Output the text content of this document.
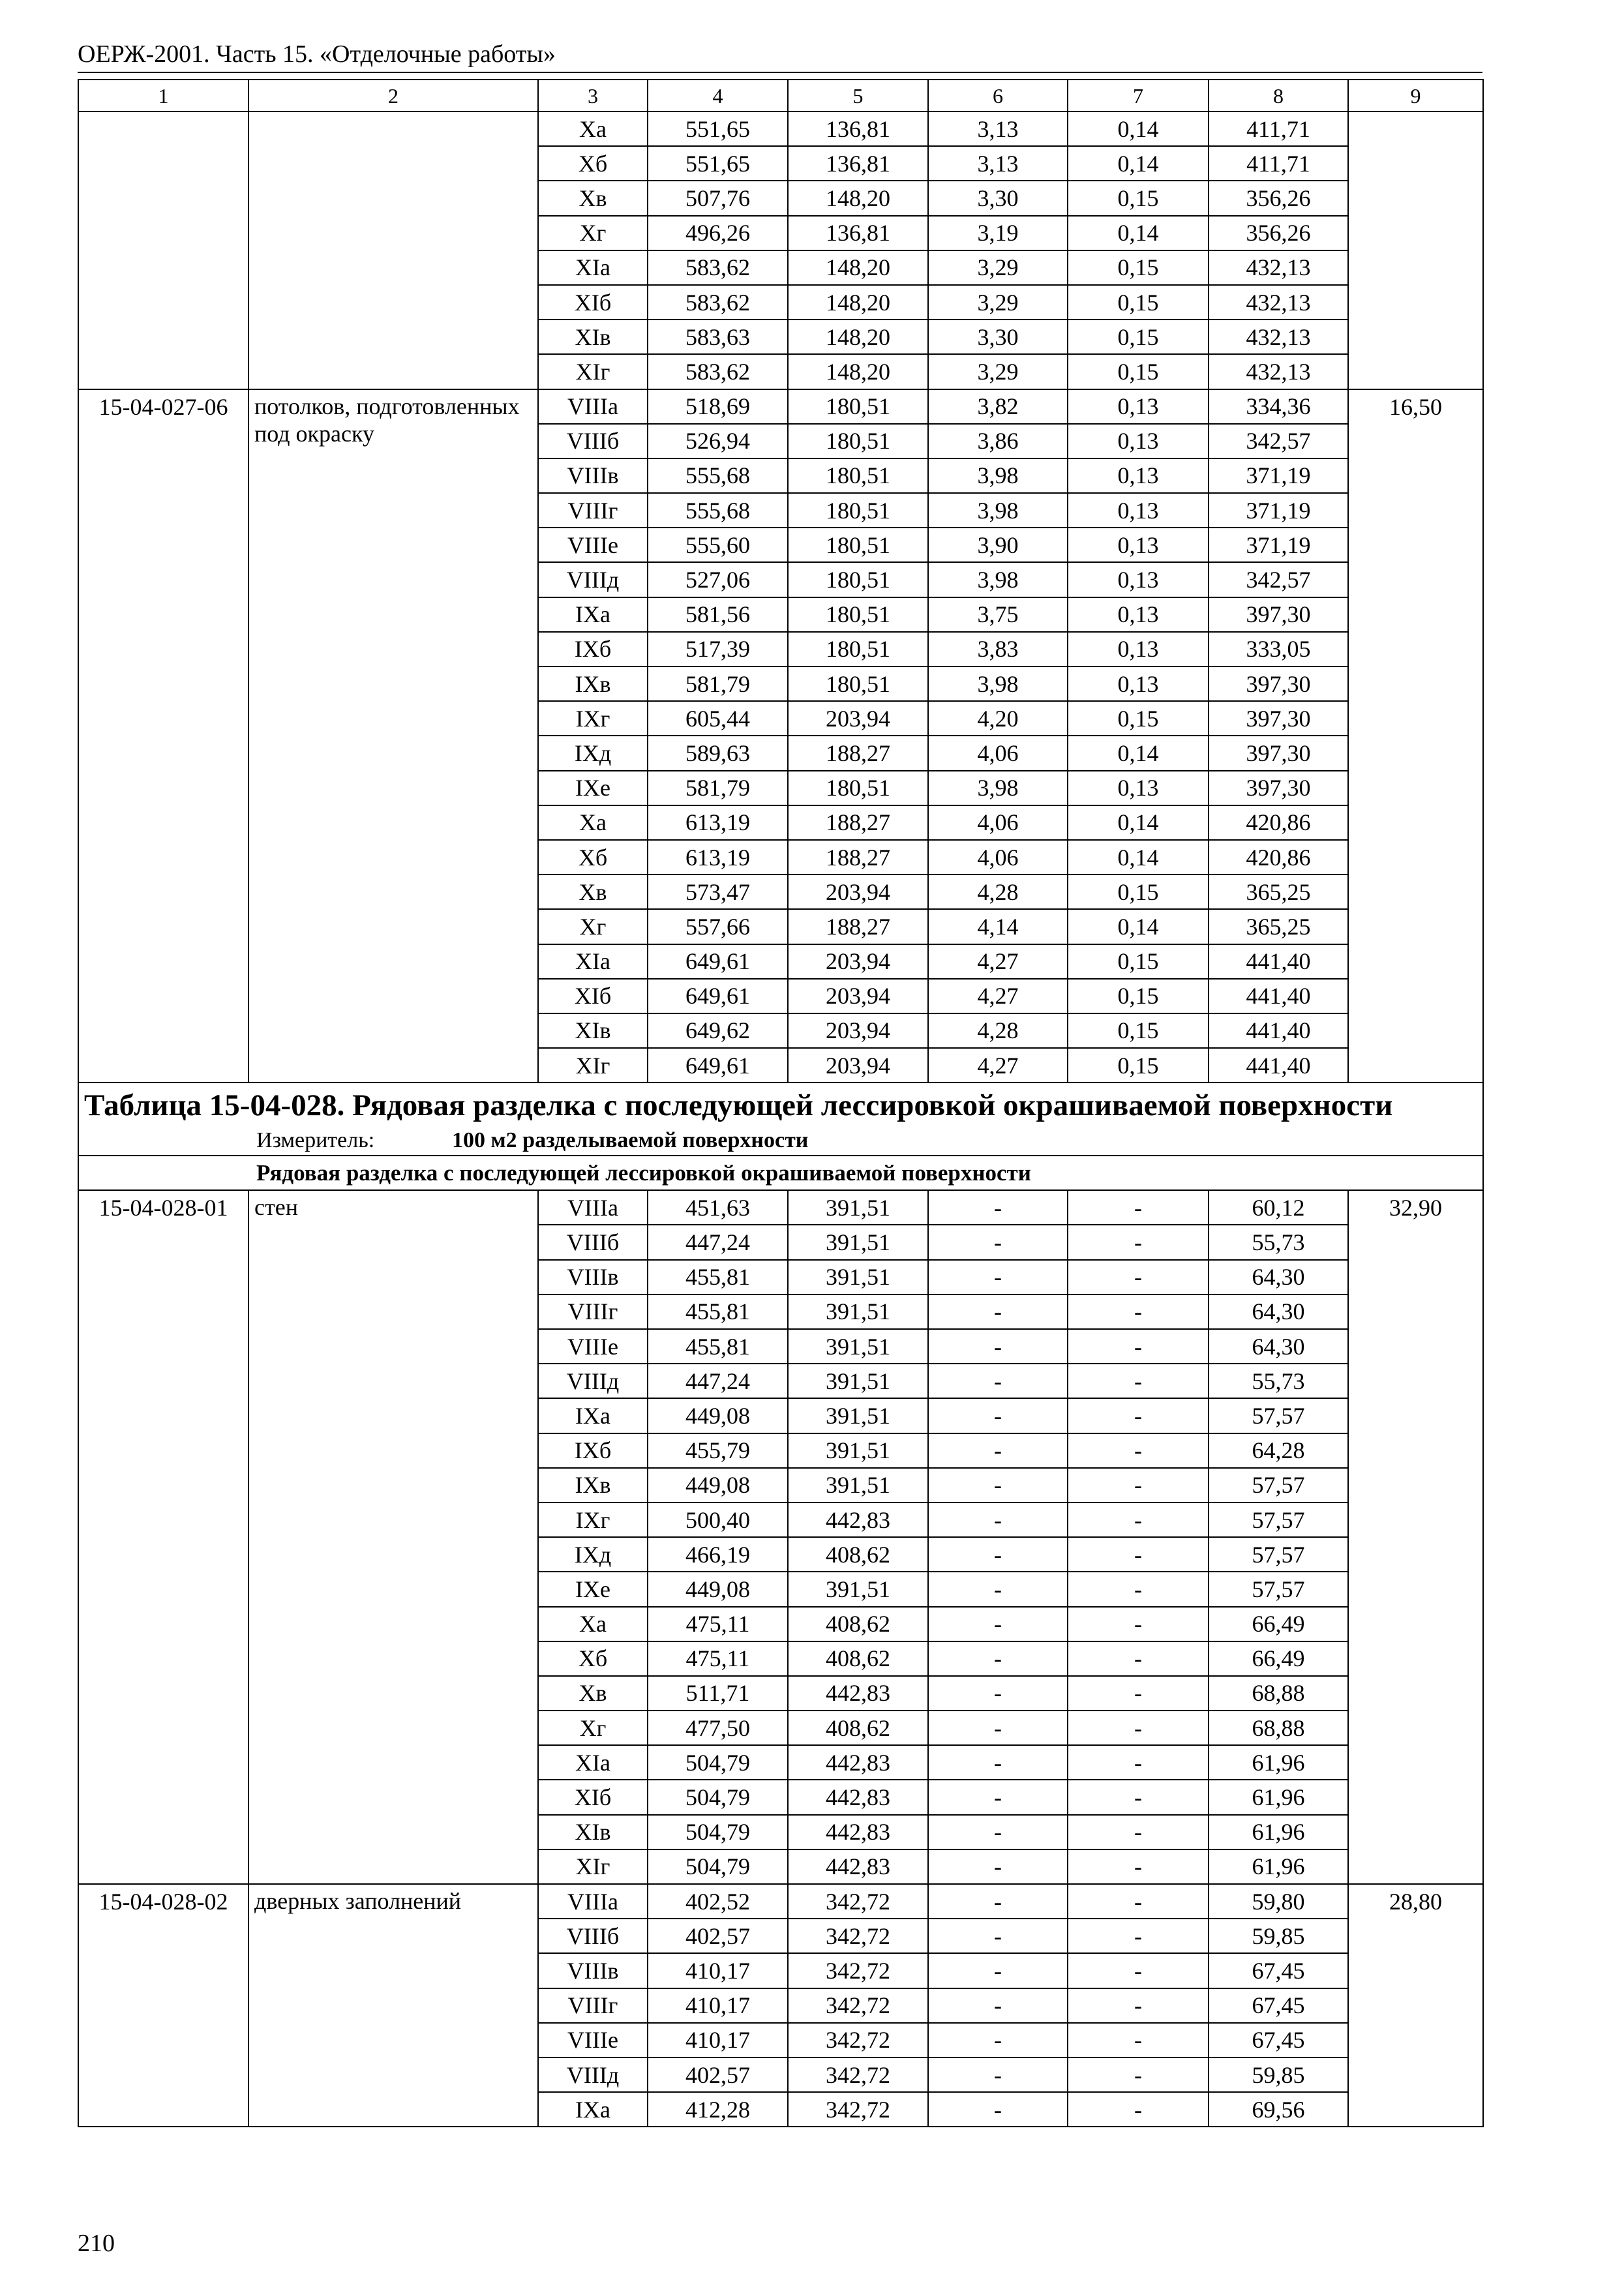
ОЕРЖ-2001. Часть 15. «Отделочные работы»
1	2	3	4	5	6	7	8	9
		Xa	551,65	136,81	3,13	0,14	411,71	
		Xб	551,65	136,81	3,13	0,14	411,71	
		Xв	507,76	148,20	3,30	0,15	356,26	
		Xг	496,26	136,81	3,19	0,14	356,26	
		XIa	583,62	148,20	3,29	0,15	432,13	
		XIб	583,62	148,20	3,29	0,15	432,13	
		XIв	583,63	148,20	3,30	0,15	432,13	
		XIг	583,62	148,20	3,29	0,15	432,13	
15-04-027-06	потолков, подготовленных под окраску	VIIIa	518,69	180,51	3,82	0,13	334,36	16,50
		VIIIб	526,94	180,51	3,86	0,13	342,57	
		VIIIв	555,68	180,51	3,98	0,13	371,19	
		VIIIг	555,68	180,51	3,98	0,13	371,19	
		VIIIe	555,60	180,51	3,90	0,13	371,19	
		VIIIд	527,06	180,51	3,98	0,13	342,57	
		IXa	581,56	180,51	3,75	0,13	397,30	
		IXб	517,39	180,51	3,83	0,13	333,05	
		IXв	581,79	180,51	3,98	0,13	397,30	
		IXг	605,44	203,94	4,20	0,15	397,30	
		IXд	589,63	188,27	4,06	0,14	397,30	
		IXe	581,79	180,51	3,98	0,13	397,30	
		Xa	613,19	188,27	4,06	0,14	420,86	
		Xб	613,19	188,27	4,06	0,14	420,86	
		Xв	573,47	203,94	4,28	0,15	365,25	
		Xг	557,66	188,27	4,14	0,14	365,25	
		XIa	649,61	203,94	4,27	0,15	441,40	
		XIб	649,61	203,94	4,27	0,15	441,40	
		XIв	649,62	203,94	4,28	0,15	441,40	
		XIг	649,61	203,94	4,27	0,15	441,40	

Таблица 15-04-028. Рядовая разделка с последующей лессировкой окрашиваемой поверхности
Измеритель: 100 м2 разделываемой поверхности								

Рядовая разделка с последующей лессировкой окрашиваемой поверхности								
15-04-028-01	стен	VIIIa	451,63	391,51	-	-	60,12	32,90
		VIIIб	447,24	391,51	-	-	55,73	
		VIIIв	455,81	391,51	-	-	64,30	
		VIIIг	455,81	391,51	-	-	64,30	
		VIIIe	455,81	391,51	-	-	64,30	
		VIIIд	447,24	391,51	-	-	55,73	
		IXa	449,08	391,51	-	-	57,57	
		IXб	455,79	391,51	-	-	64,28	
		IXв	449,08	391,51	-	-	57,57	
		IXг	500,40	442,83	-	-	57,57	
		IXд	466,19	408,62	-	-	57,57	
		IXe	449,08	391,51	-	-	57,57	
		Xa	475,11	408,62	-	-	66,49	
		Xб	475,11	408,62	-	-	66,49	
		Xв	511,71	442,83	-	-	68,88	
		Xг	477,50	408,62	-	-	68,88	
		XIa	504,79	442,83	-	-	61,96	
		XIб	504,79	442,83	-	-	61,96	
		XIв	504,79	442,83	-	-	61,96	
		XIг	504,79	442,83	-	-	61,96	
15-04-028-02	дверных заполнений	VIIIa	402,52	342,72	-	-	59,80	28,80
		VIIIб	402,57	342,72	-	-	59,85	
		VIIIв	410,17	342,72	-	-	67,45	
		VIIIг	410,17	342,72	-	-	67,45	
		VIIIe	410,17	342,72	-	-	67,45	
		VIIIд	402,57	342,72	-	-	59,85	
		IXa	412,28	342,72	-	-	69,56	
210
